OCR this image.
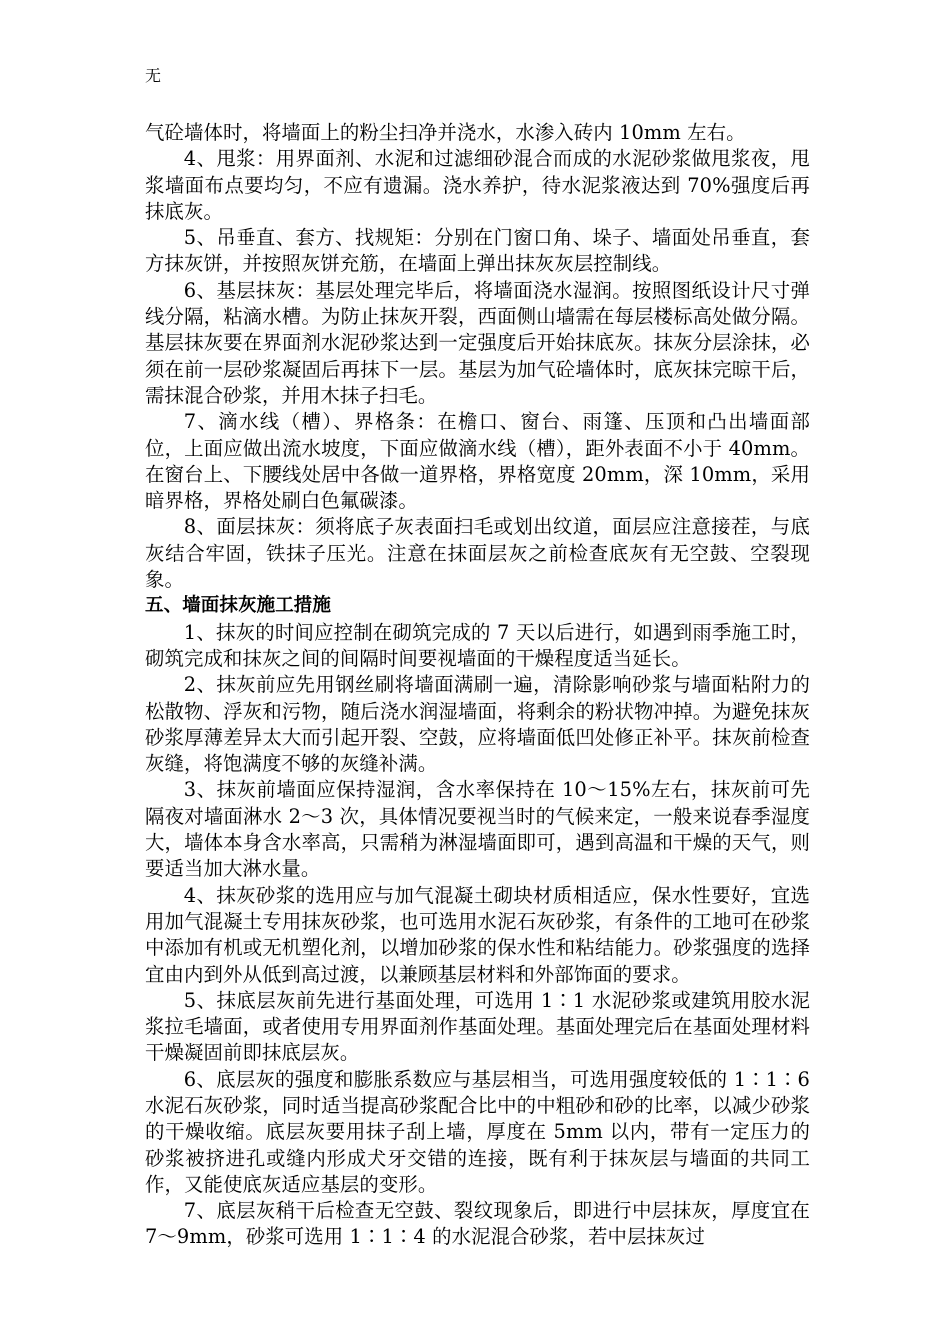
无

气砼墙体时，将墙面上的粉尘扫净并浇水，水渗入砖内 10mm 左右。

4、甩浆：用界面剂、水泥和过滤细砂混合而成的水泥砂浆做甩浆夜，甩浆墙面布点要均匀，不应有遗漏。浇水养护，待水泥浆液达到 70%强度后再抹底灰。

5、吊垂直、套方、找规矩：分别在门窗口角、垛子、墙面处吊垂直，套方抹灰饼，并按照灰饼充筋，在墙面上弹出抹灰灰层控制线。

6、基层抹灰：基层处理完毕后，将墙面浇水湿润。按照图纸设计尺寸弹线分隔，粘滴水槽。为防止抹灰开裂，西面侧山墙需在每层楼标高处做分隔。基层抹灰要在界面剂水泥砂浆达到一定强度后开始抹底灰。抹灰分层涂抹，必须在前一层砂浆凝固后再抹下一层。基层为加气砼墙体时，底灰抹完晾干后，需抹混合砂浆，并用木抹子扫毛。

7、滴水线（槽）、界格条：在檐口、窗台、雨篷、压顶和凸出墙面部位，上面应做出流水坡度，下面应做滴水线（槽），距外表面不小于 40mm。在窗台上、下腰线处居中各做一道界格，界格宽度 20mm，深 10mm，采用暗界格，界格处刷白色氟碳漆。

8、面层抹灰：须将底子灰表面扫毛或划出纹道，面层应注意接茬，与底灰结合牢固，铁抹子压光。注意在抹面层灰之前检查底灰有无空鼓、空裂现象。

五、墙面抹灰施工措施

1、抹灰的时间应控制在砌筑完成的 7 天以后进行，如遇到雨季施工时，砌筑完成和抹灰之间的间隔时间要视墙面的干燥程度适当延长。

2、抹灰前应先用钢丝刷将墙面满刷一遍，清除影响砂浆与墙面粘附力的松散物、浮灰和污物，随后浇水润湿墙面，将剩余的粉状物冲掉。为避免抹灰砂浆厚薄差异太大而引起开裂、空鼓，应将墙面低凹处修正补平。抹灰前检查灰缝，将饱满度不够的灰缝补满。

3、抹灰前墙面应保持湿润，含水率保持在 10～15%左右，抹灰前可先隔夜对墙面淋水 2～3 次，具体情况要视当时的气候来定，一般来说春季湿度大，墙体本身含水率高，只需稍为淋湿墙面即可，遇到高温和干燥的天气，则要适当加大淋水量。

4、抹灰砂浆的选用应与加气混凝土砌块材质相适应，保水性要好，宜选用加气混凝土专用抹灰砂浆，也可选用水泥石灰砂浆，有条件的工地可在砂浆中添加有机或无机塑化剂，以增加砂浆的保水性和粘结能力。砂浆强度的选择宜由内到外从低到高过渡，以兼顾基层材料和外部饰面的要求。

5、抹底层灰前先进行基面处理，可选用 1∶1 水泥砂浆或建筑用胶水泥浆拉毛墙面，或者使用专用界面剂作基面处理。基面处理完后在基面处理材料干燥凝固前即抹底层灰。

6、底层灰的强度和膨胀系数应与基层相当，可选用强度较低的 1∶1∶6 水泥石灰砂浆，同时适当提高砂浆配合比中的中粗砂和砂的比率，以减少砂浆的干燥收缩。底层灰要用抹子刮上墙，厚度在 5mm 以内，带有一定压力的砂浆被挤进孔或缝内形成犬牙交错的连接，既有利于抹灰层与墙面的共同工作，又能使底灰适应基层的变形。

7、底层灰稍干后检查无空鼓、裂纹现象后，即进行中层抹灰，厚度宜在 7～9mm，砂浆可选用 1∶1∶4 的水泥混合砂浆，若中层抹灰过
